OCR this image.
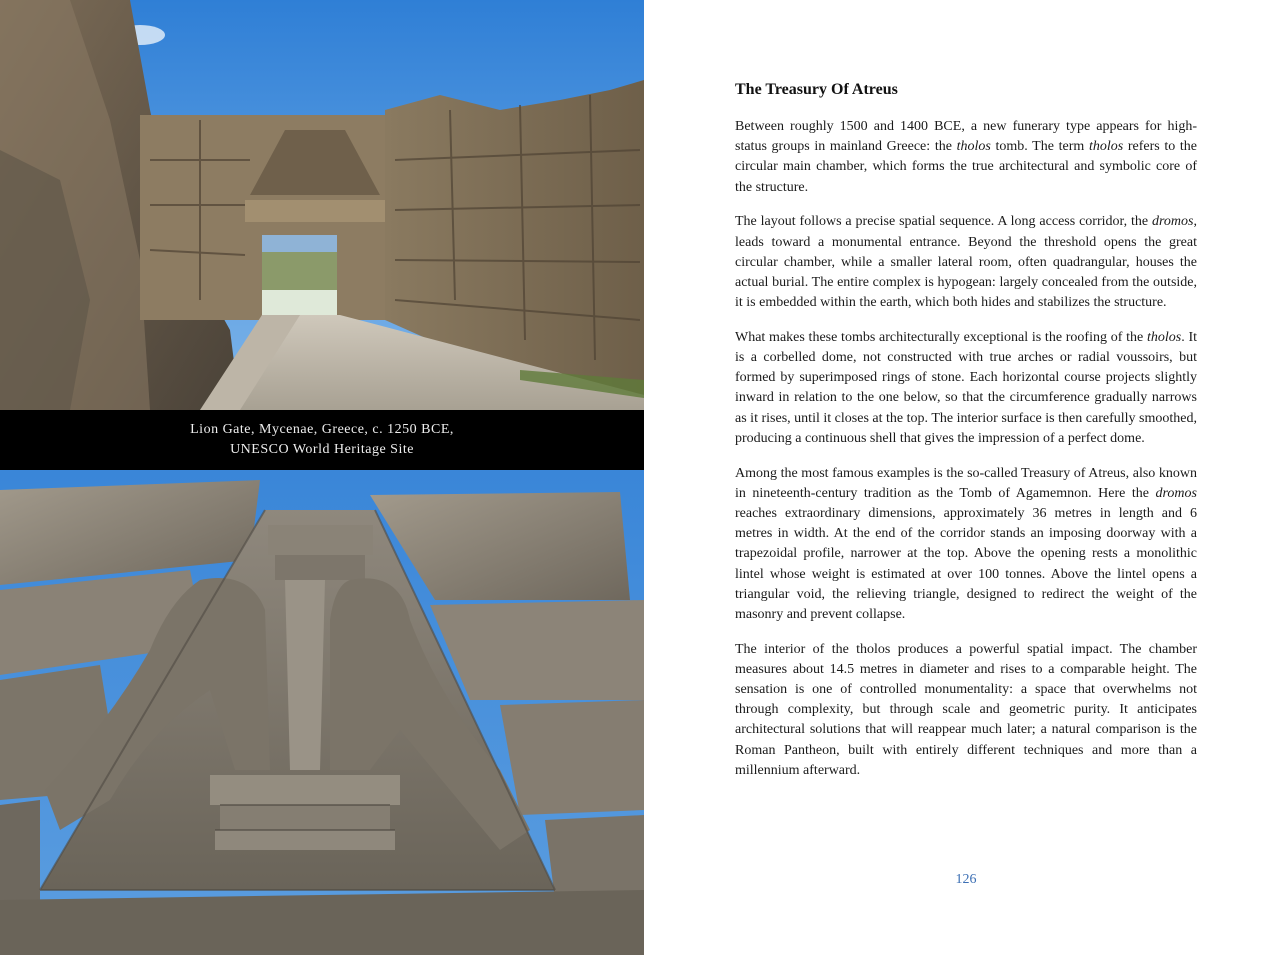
Lion Gate, Mycenae, Greece, c. 1250 BCE,
UNESCO World Heritage Site
The Treasury Of Atreus

Between roughly 1500 and 1400 BCE, a new funerary type appears for high-status groups in mainland Greece: the tholos tomb. The term tholos refers to the circular main chamber, which forms the true architectural and symbolic core of the structure.

The layout follows a precise spatial sequence. A long access corridor, the dromos, leads toward a monumental entrance. Beyond the threshold opens the great circular chamber, while a smaller lateral room, often quadrangular, houses the actual burial. The entire complex is hypogean: largely concealed from the outside, it is embedded within the earth, which both hides and stabilizes the structure.

What makes these tombs architecturally exceptional is the roofing of the tholos. It is a corbelled dome, not constructed with true arches or radial voussoirs, but formed by superimposed rings of stone. Each horizontal course projects slightly inward in relation to the one below, so that the circumference gradually narrows as it rises, until it closes at the top. The interior surface is then carefully smoothed, producing a continuous shell that gives the impression of a perfect dome.

Among the most famous examples is the so-called Treasury of Atreus, also known in nineteenth-century tradition as the Tomb of Agamemnon. Here the dromos reaches extraordinary dimensions, approximately 36 metres in length and 6 metres in width. At the end of the corridor stands an imposing doorway with a trapezoidal profile, narrower at the top. Above the opening rests a monolithic lintel whose weight is estimated at over 100 tonnes. Above the lintel opens a triangular void, the relieving triangle, designed to redirect the weight of the masonry and prevent collapse.

The interior of the tholos produces a powerful spatial impact. The chamber measures about 14.5 metres in diameter and rises to a comparable height. The sensation is one of controlled monumentality: a space that overwhelms not through complexity, but through scale and geometric purity. It anticipates architectural solutions that will reappear much later; a natural comparison is the Roman Pantheon, built with entirely different techniques and more than a millennium afterward.

126
